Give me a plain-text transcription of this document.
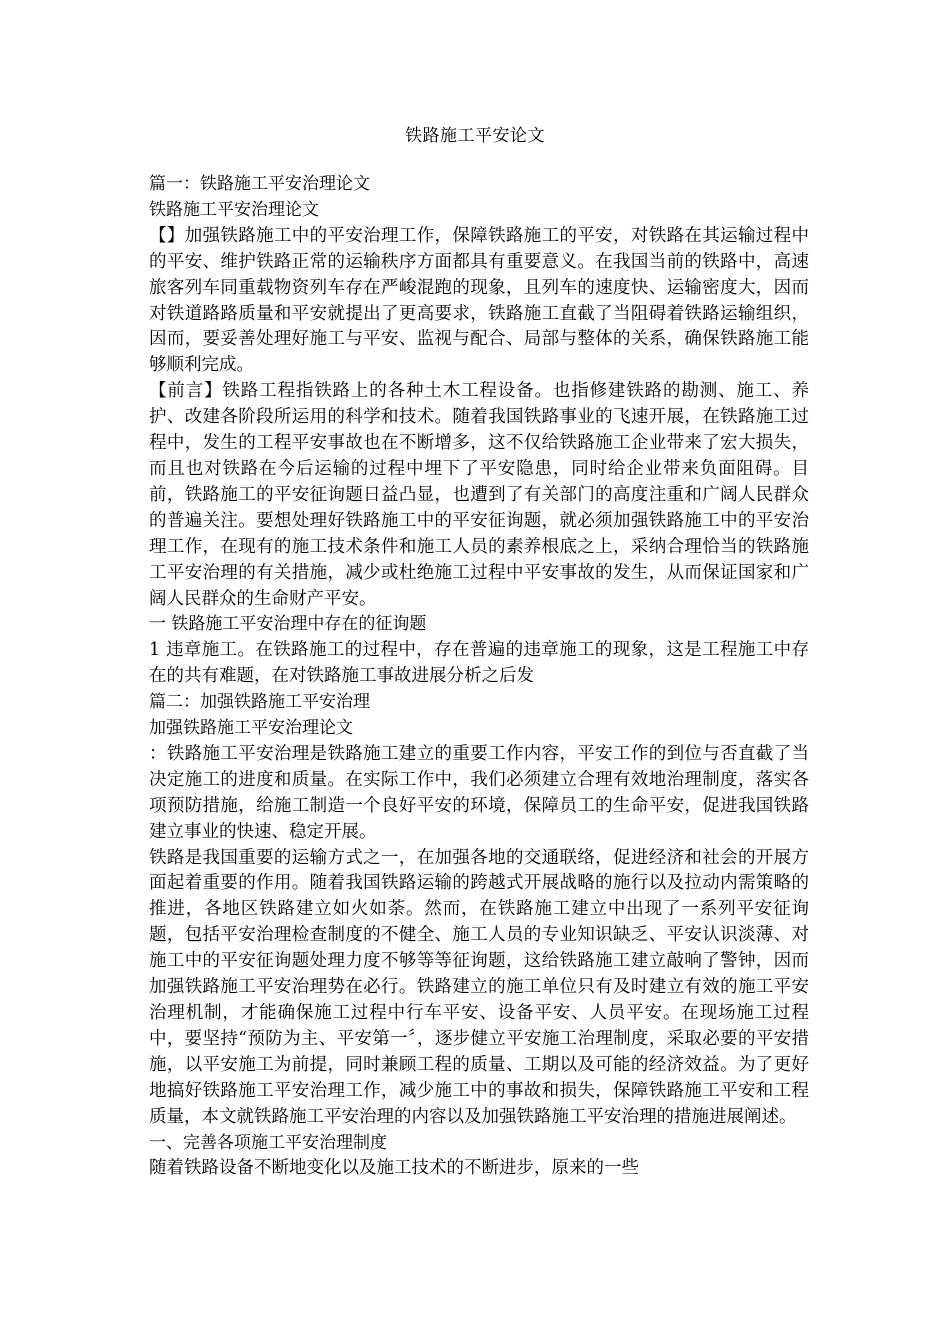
铁路施工平安论文

篇一：铁路施工平安治理论文

铁路施工平安治理论文

【】加强铁路施工中的平安治理工作，保障铁路施工的平安，对铁路在其运输过程中的平安、维护铁路正常的运输秩序方面都具有重要意义。在我国当前的铁路中，高速旅客列车同重载物资列车存在严峻混跑的现象，且列车的速度快、运输密度大，因而对铁道路路质量和平安就提出了更高要求，铁路施工直截了当阻碍着铁路运输组织，因而，要妥善处理好施工与平安、监视与配合、局部与整体的关系，确保铁路施工能够顺利完成。

【前言】铁路工程指铁路上的各种土木工程设备。也指修建铁路的勘测、施工、养护、改建各阶段所运用的科学和技术。随着我国铁路事业的飞速开展，在铁路施工过程中，发生的工程平安事故也在不断增多，这不仅给铁路施工企业带来了宏大损失，而且也对铁路在今后运输的过程中埋下了平安隐患，同时给企业带来负面阻碍。目前，铁路施工的平安征询题日益凸显，也遭到了有关部门的高度注重和广阔人民群众的普遍关注。要想处理好铁路施工中的平安征询题，就必须加强铁路施工中的平安治理工作，在现有的施工技术条件和施工人员的素养根底之上，采纳合理恰当的铁路施工平安治理的有关措施，减少或杜绝施工过程中平安事故的发生，从而保证国家和广阔人民群众的生命财产平安。

一 铁路施工平安治理中存在的征询题

1 违章施工。在铁路施工的过程中，存在普遍的违章施工的现象，这是工程施工中存在的共有难题，在对铁路施工事故进展分析之后发

篇二：加强铁路施工平安治理

加强铁路施工平安治理论文

：铁路施工平安治理是铁路施工建立的重要工作内容，平安工作的到位与否直截了当决定施工的进度和质量。在实际工作中，我们必须建立合理有效地治理制度，落实各项预防措施，给施工制造一个良好平安的环境，保障员工的生命平安，促进我国铁路建立事业的快速、稳定开展。

铁路是我国重要的运输方式之一，在加强各地的交通联络，促进经济和社会的开展方面起着重要的作用。随着我国铁路运输的跨越式开展战略的施行以及拉动内需策略的推进，各地区铁路建立如火如荼。然而，在铁路施工建立中出现了一系列平安征询题，包括平安治理检查制度的不健全、施工人员的专业知识缺乏、平安认识淡薄、对施工中的平安征询题处理力度不够等等征询题，这给铁路施工建立敲响了警钟，因而加强铁路施工平安治理势在必行。铁路建立的施工单位只有及时建立有效的施工平安治理机制，才能确保施工过程中行车平安、设备平安、人员平安。在现场施工过程中，要坚持“预防为主、平安第一〞，逐步健立平安施工治理制度，采取必要的平安措施，以平安施工为前提，同时兼顾工程的质量、工期以及可能的经济效益。为了更好地搞好铁路施工平安治理工作，减少施工中的事故和损失，保障铁路施工平安和工程质量，本文就铁路施工平安治理的内容以及加强铁路施工平安治理的措施进展阐述。

一、完善各项施工平安治理制度

随着铁路设备不断地变化以及施工技术的不断进步，原来的一些
